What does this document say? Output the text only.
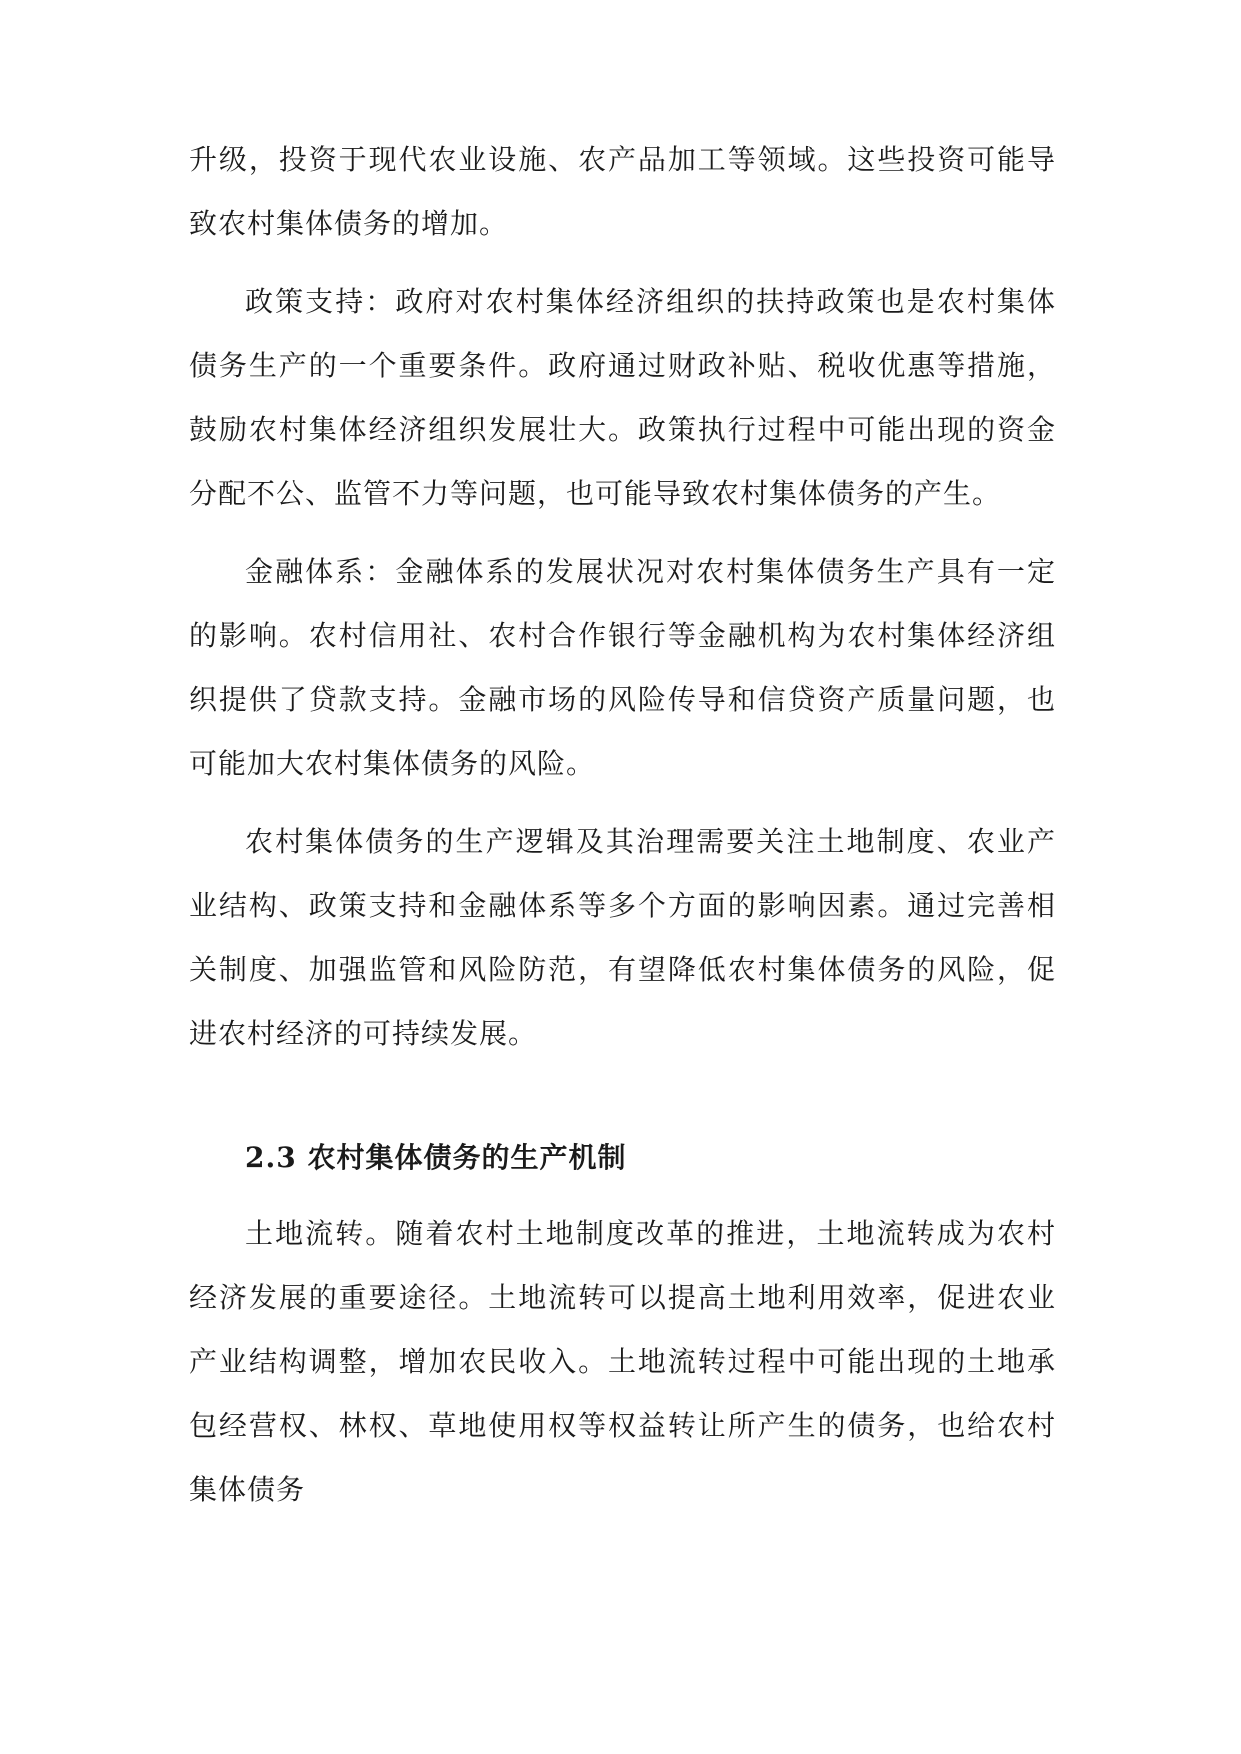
升级，投资于现代农业设施、农产品加工等领域。这些投资可能导致农村集体债务的增加。

政策支持：政府对农村集体经济组织的扶持政策也是农村集体债务生产的一个重要条件。政府通过财政补贴、税收优惠等措施，鼓励农村集体经济组织发展壮大。政策执行过程中可能出现的资金分配不公、监管不力等问题，也可能导致农村集体债务的产生。

金融体系：金融体系的发展状况对农村集体债务生产具有一定的影响。农村信用社、农村合作银行等金融机构为农村集体经济组织提供了贷款支持。金融市场的风险传导和信贷资产质量问题，也可能加大农村集体债务的风险。

农村集体债务的生产逻辑及其治理需要关注土地制度、农业产业结构、政策支持和金融体系等多个方面的影响因素。通过完善相关制度、加强监管和风险防范，有望降低农村集体债务的风险，促进农村经济的可持续发展。

2.3 农村集体债务的生产机制

土地流转。随着农村土地制度改革的推进，土地流转成为农村经济发展的重要途径。土地流转可以提高土地利用效率，促进农业产业结构调整，增加农民收入。土地流转过程中可能出现的土地承包经营权、林权、草地使用权等权益转让所产生的债务，也给农村集体债务
